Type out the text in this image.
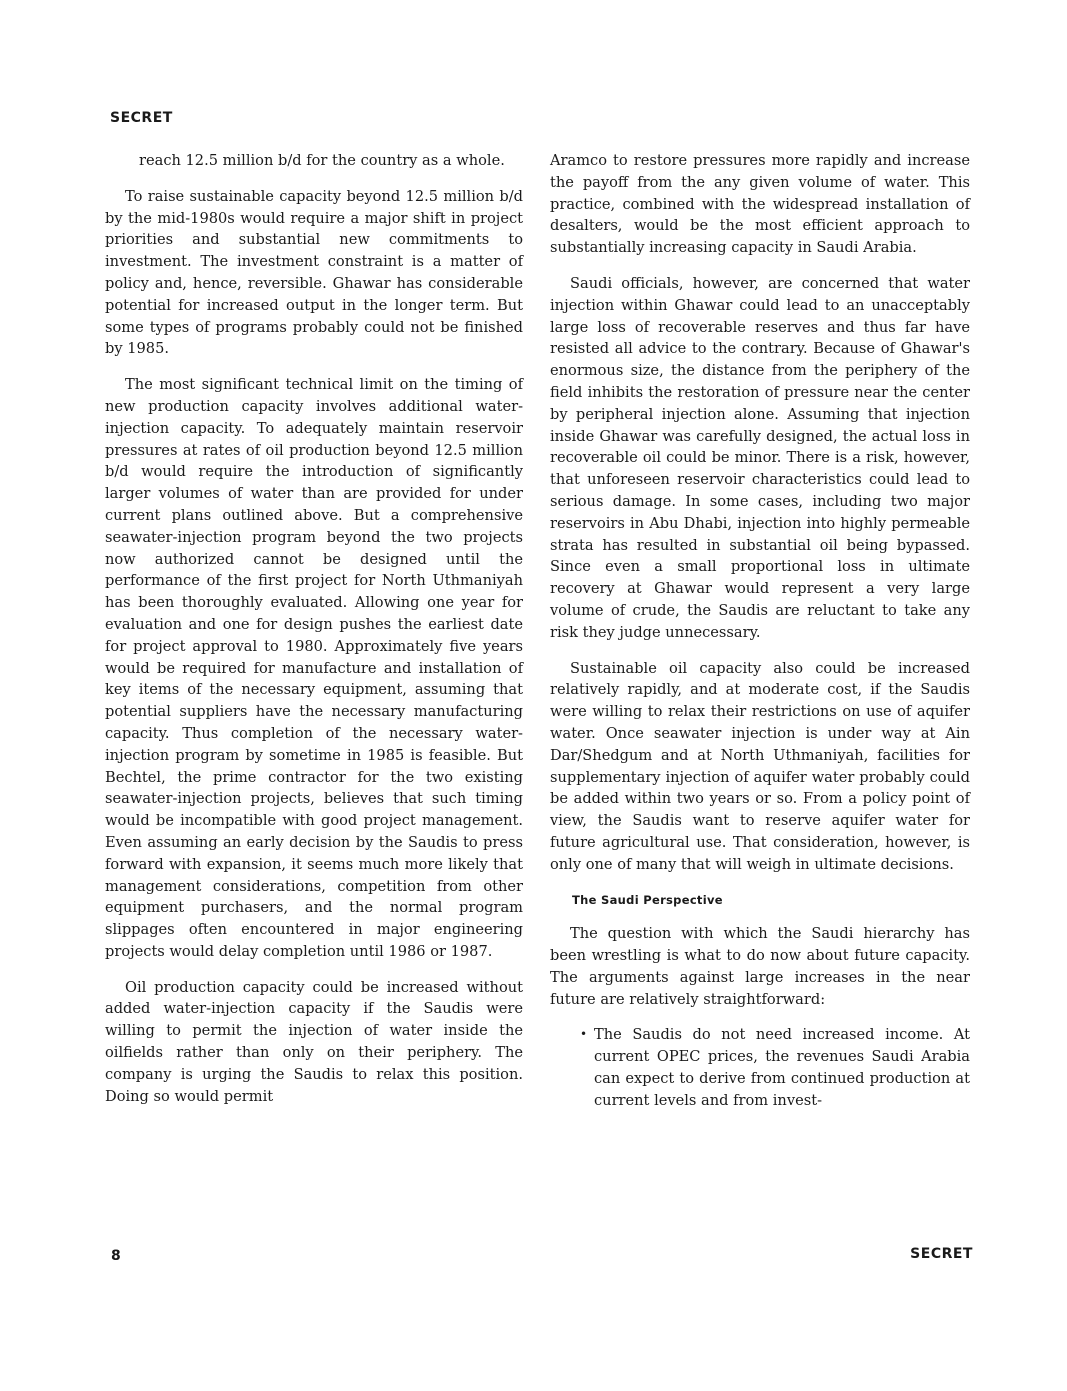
SECRET

reach 12.5 million b/d for the country as a whole.

To raise sustainable capacity beyond 12.5 million b/d by the mid-1980s would require a major shift in project priorities and substantial new commitments to investment. The investment constraint is a matter of policy and, hence, reversible. Ghawar has considerable potential for increased output in the longer term. But some types of programs probably could not be finished by 1985.

The most significant technical limit on the timing of new production capacity involves additional water-injection capacity. To adequately maintain reservoir pressures at rates of oil production beyond 12.5 million b/d would require the introduction of significantly larger volumes of water than are provided for under current plans outlined above. But a comprehensive seawater-injection program beyond the two projects now authorized cannot be designed until the performance of the first project for North Uthmaniyah has been thoroughly evaluated. Allowing one year for evaluation and one for design pushes the earliest date for project approval to 1980. Approximately five years would be required for manufacture and installation of key items of the necessary equipment, assuming that potential suppliers have the necessary manufacturing capacity. Thus completion of the necessary water-injection program by sometime in 1985 is feasible. But Bechtel, the prime contractor for the two existing seawater-injection projects, believes that such timing would be incompatible with good project management. Even assuming an early decision by the Saudis to press forward with expansion, it seems much more likely that management considerations, competition from other equipment purchasers, and the normal program slippages often encountered in major engineering projects would delay completion until 1986 or 1987.

Oil production capacity could be increased without added water-injection capacity if the Saudis were willing to permit the injection of water inside the oilfields rather than only on their periphery. The company is urging the Saudis to relax this position. Doing so would permit

Aramco to restore pressures more rapidly and increase the payoff from the any given volume of water. This practice, combined with the widespread installation of desalters, would be the most efficient approach to substantially increasing capacity in Saudi Arabia.

Saudi officials, however, are concerned that water injection within Ghawar could lead to an unacceptably large loss of recoverable reserves and thus far have resisted all advice to the contrary. Because of Ghawar's enormous size, the distance from the periphery of the field inhibits the restoration of pressure near the center by peripheral injection alone. Assuming that injection inside Ghawar was carefully designed, the actual loss in recoverable oil could be minor. There is a risk, however, that unforeseen reservoir characteristics could lead to serious damage. In some cases, including two major reservoirs in Abu Dhabi, injection into highly permeable strata has resulted in substantial oil being bypassed. Since even a small proportional loss in ultimate recovery at Ghawar would represent a very large volume of crude, the Saudis are reluctant to take any risk they judge unnecessary.

Sustainable oil capacity also could be increased relatively rapidly, and at moderate cost, if the Saudis were willing to relax their restrictions on use of aquifer water. Once seawater injection is under way at Ain Dar/Shedgum and at North Uthmaniyah, facilities for supplementary injection of aquifer water probably could be added within two years or so. From a policy point of view, the Saudis want to reserve aquifer water for future agricultural use. That consideration, however, is only one of many that will weigh in ultimate decisions.

The Saudi Perspective

The question with which the Saudi hierarchy has been wrestling is what to do now about future capacity. The arguments against large increases in the near future are relatively straightforward:

• The Saudis do not need increased income. At current OPEC prices, the revenues Saudi Arabia can expect to derive from continued production at current levels and from invest-
8	SECRET
